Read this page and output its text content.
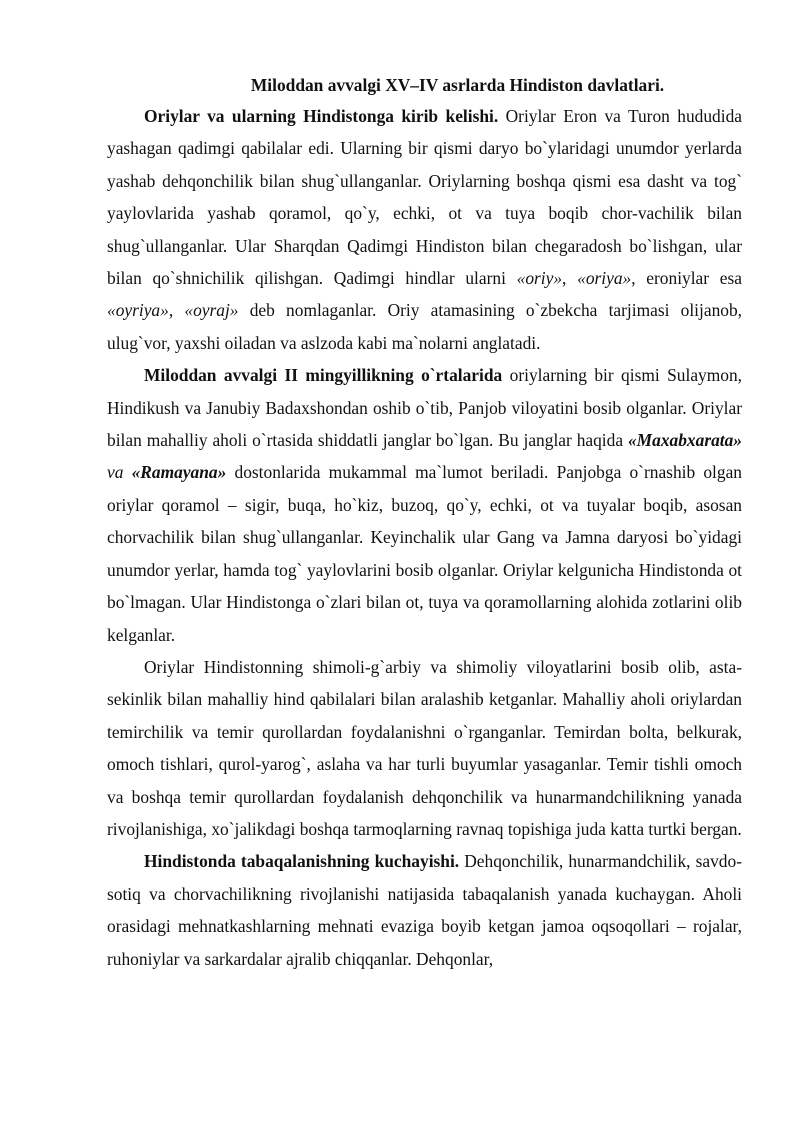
Miloddan avvalgi XV–IV asrlarda Hindiston davlatlari.

Oriylar va ularning Hindistonga kirib kelishi. Oriylar Eron va Turon hududida yashagan qadimgi qabilalar edi. Ularning bir qismi daryo bo`ylaridagi unumdor yerlarda yashab dehqonchilik bilan shug`ullanganlar. Oriylarning boshqa qismi esa dasht va tog` yaylovlarida yashab qoramol, qo`y, echki, ot va tuya boqib chor-vachilik bilan shug`ullanganlar. Ular Sharqdan Qadimgi Hindiston bilan chegaradosh bo`lishgan, ular bilan qo`shnichilik qilishgan. Qadimgi hindlar ularni «oriy», «oriya», eroniylar esa «oyriya», «oyraj» deb nomlaganlar. Oriy atamasining o`zbekcha tarjimasi olijanob, ulug`vor, yaxshi oiladan va aslzoda kabi ma`nolarni anglatadi.

Miloddan avvalgi II mingyillikning o`rtalarida oriylarning bir qismi Sulaymon, Hindikush va Janubiy Badaxshondan oshib o`tib, Panjob viloyatini bosib olganlar. Oriylar bilan mahalliy aholi o`rtasida shiddatli janglar bo`lgan. Bu janglar haqida «Maxabxarata» va «Ramayana» dostonlarida mukammal ma`lumot beriladi. Panjobga o`rnashib olgan oriylar qoramol – sigir, buqa, ho`kiz, buzoq, qo`y, echki, ot va tuyalar boqib, asosan chorvachilik bilan shug`ullanganlar. Keyinchalik ular Gang va Jamna daryosi bo`yidagi unumdor yerlar, hamda tog` yaylovlarini bosib olganlar. Oriylar kelgunicha Hindistonda ot bo`lmagan. Ular Hindistonga o`zlari bilan ot, tuya va qoramollarning alohida zotlarini olib kelganlar.

Oriylar Hindistonning shimoli-g`arbiy va shimoliy viloyatlarini bosib olib, asta-sekinlik bilan mahalliy hind qabilalari bilan aralashib ketganlar. Mahalliy aholi oriylardan temirchilik va temir qurollardan foydalanishni o`rganganlar. Temirdan bolta, belkurak, omoch tishlari, qurol-yarog`, aslaha va har turli buyumlar yasaganlar. Temir tishli omoch va boshqa temir qurollardan foydalanish dehqonchilik va hunarmandchilikning yanada rivojlanishiga, xo`jalikdagi boshqa tarmoqlarning ravnaq topishiga juda katta turtki bergan.

Hindistonda tabaqalanishning kuchayishi. Dehqonchilik, hunarmandchilik, savdo-sotiq va chorvachilikning rivojlanishi natijasida tabaqalanish yanada kuchaygan. Aholi orasidagi mehnatkashlarning mehnati evaziga boyib ketgan jamoa oqsoqollari – rojalar, ruhoniylar va sarkardalar ajralib chiqqanlar. Dehqonlar,
